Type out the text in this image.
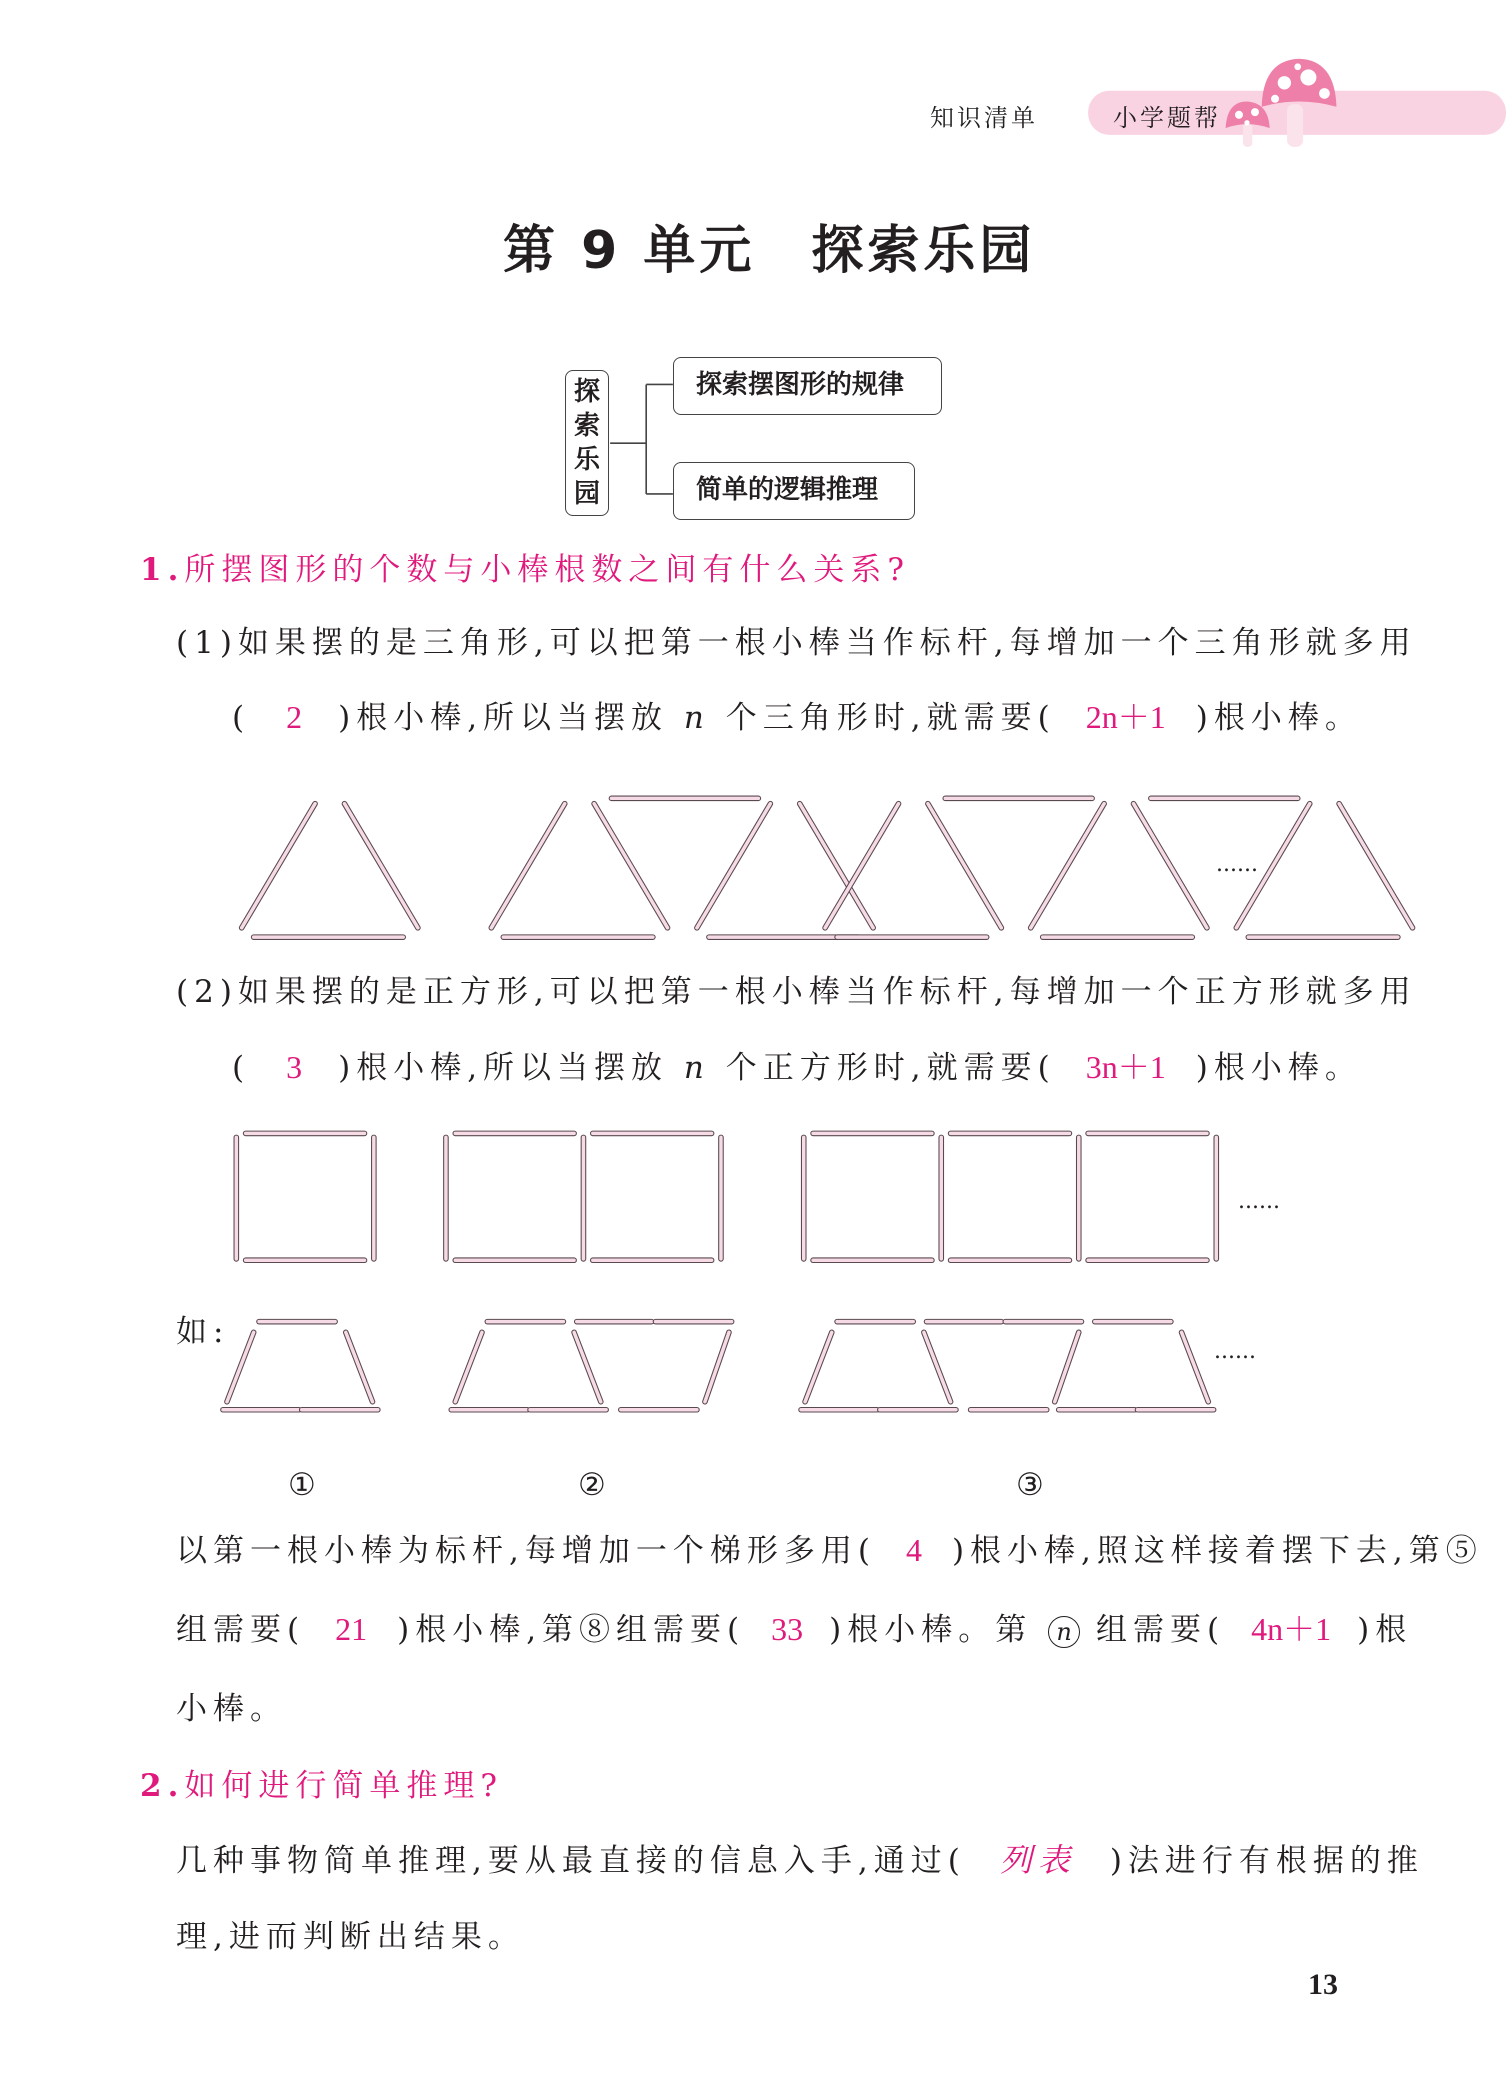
知识清单	小学题帮
第 9 单元 探索乐园
探索乐园
探索摆图形的规律
简单的逻辑推理
1.所摆图形的个数与小棒根数之间有什么关系?
(1)如果摆的是三角形,可以把第一根小棒当作标杆,每增加一个三角形就多用
( 2 )根小棒,所以当摆放 n 个三角形时,就需要( 2n＋1 )根小棒。
......
(2)如果摆的是正方形,可以把第一根小棒当作标杆,每增加一个正方形就多用
( 3 )根小棒,所以当摆放 n 个正方形时,就需要( 3n＋1 )根小棒。
......
如:
......
①	②	③
以第一根小棒为标杆,每增加一个梯形多用( 4 )根小棒,照这样接着摆下去,第⑤
组需要( 21 )根小棒,第⑧组需要( 33 )根小棒。第 n 组需要( 4n＋1 )根
小棒。
2.如何进行简单推理?
几种事物简单推理,要从最直接的信息入手,通过( 列表 )法进行有根据的推
理,进而判断出结果。
13
